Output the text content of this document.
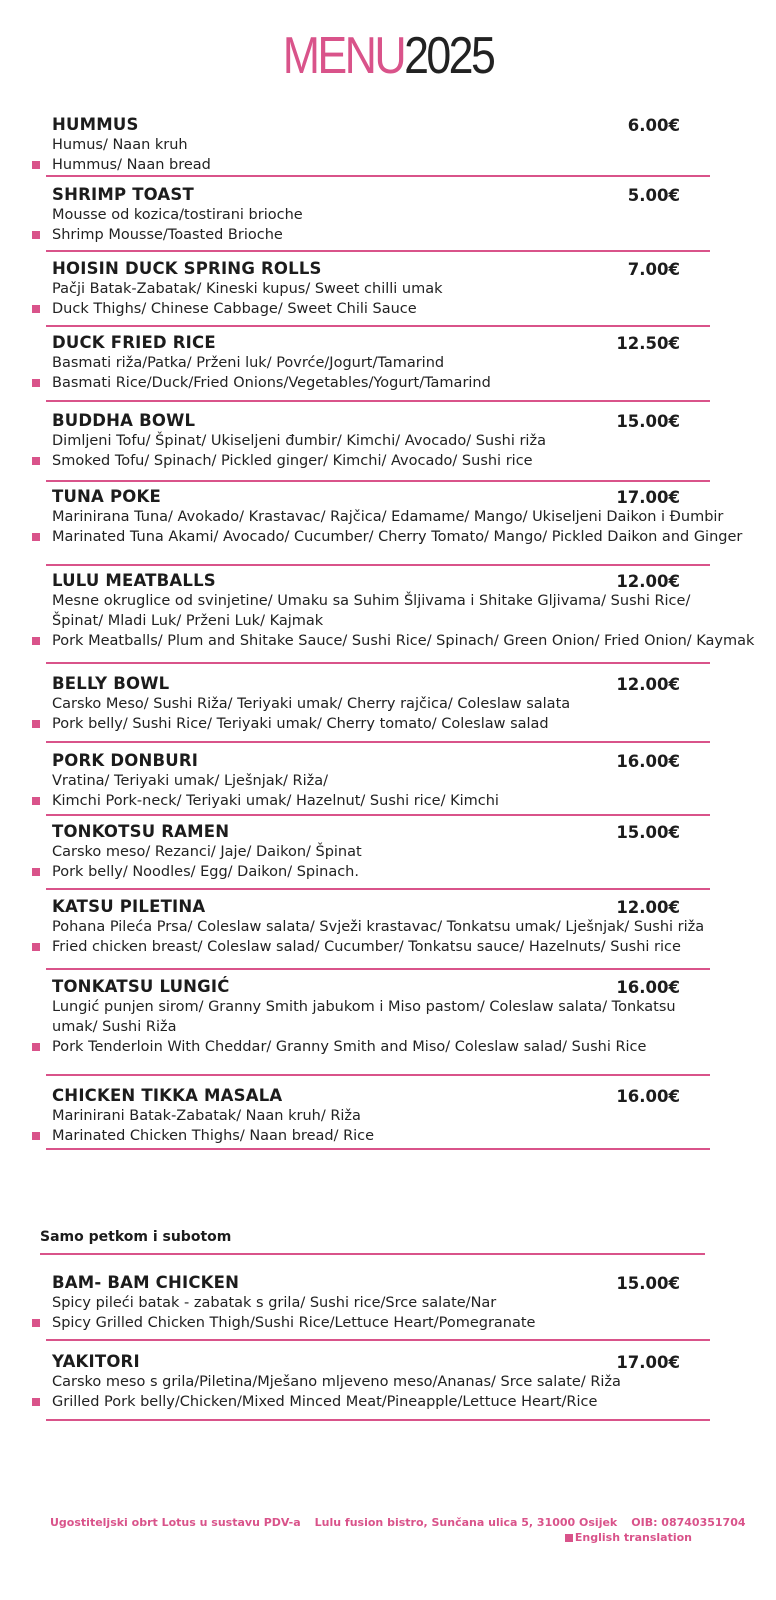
MENU2025
HUMMUS
Humus/ Naan kruh
Hummus/ Naan bread
6.00€
SHRIMP TOAST
Mousse od kozica/tostirani brioche
Shrimp Mousse/Toasted Brioche
5.00€
HOISIN DUCK SPRING ROLLS
Pačji Batak-Zabatak/ Kineski kupus/ Sweet chilli umak
Duck Thighs/ Chinese Cabbage/ Sweet Chili Sauce
7.00€
DUCK FRIED RICE
Basmati riža/Patka/ Prženi luk/ Povrće/Jogurt/Tamarind
Basmati Rice/Duck/Fried Onions/Vegetables/Yogurt/Tamarind
12.50€
BUDDHA BOWL
Dimljeni Tofu/ Špinat/ Ukiseljeni đumbir/ Kimchi/ Avocado/ Sushi riža
Smoked Tofu/ Spinach/ Pickled ginger/ Kimchi/ Avocado/ Sushi rice
15.00€
TUNA POKE
Marinirana Tuna/ Avokado/ Krastavac/ Rajčica/ Edamame/ Mango/ Ukiseljeni Daikon i Đumbir
Marinated Tuna Akami/ Avocado/ Cucumber/ Cherry Tomato/ Mango/ Pickled Daikon and Ginger
17.00€
LULU MEATBALLS
Mesne okruglice od svinjetine/ Umaku sa Suhim Šljivama i Shitake Gljivama/ Sushi Rice/
Špinat/ Mladi Luk/ Prženi Luk/ Kajmak
Pork Meatballs/ Plum and Shitake Sauce/ Sushi Rice/ Spinach/ Green Onion/ Fried Onion/ Kaymak
12.00€
BELLY BOWL
Carsko Meso/ Sushi Riža/ Teriyaki umak/ Cherry rajčica/ Coleslaw salata
Pork belly/ Sushi Rice/ Teriyaki umak/ Cherry tomato/ Coleslaw salad
12.00€
PORK DONBURI
Vratina/ Teriyaki umak/ Lješnjak/ Riža/
Kimchi Pork-neck/ Teriyaki umak/ Hazelnut/ Sushi rice/ Kimchi
16.00€
TONKOTSU RAMEN
Carsko meso/ Rezanci/ Jaje/ Daikon/ Špinat
Pork belly/ Noodles/ Egg/ Daikon/ Spinach.
15.00€
KATSU PILETINA
Pohana Pileća Prsa/ Coleslaw salata/ Svježi krastavac/ Tonkatsu umak/ Lješnjak/ Sushi riža
Fried chicken breast/ Coleslaw salad/ Cucumber/ Tonkatsu sauce/ Hazelnuts/ Sushi rice
12.00€
TONKATSU LUNGIĆ
Lungić punjen sirom/ Granny Smith jabukom i Miso pastom/ Coleslaw salata/ Tonkatsu
umak/ Sushi Riža
Pork Tenderloin With Cheddar/ Granny Smith and Miso/ Coleslaw salad/ Sushi Rice
16.00€
CHICKEN TIKKA MASALA
Marinirani Batak-Zabatak/ Naan kruh/ Riža
Marinated Chicken Thighs/ Naan bread/ Rice
16.00€
BAM- BAM CHICKEN
Spicy pileći batak - zabatak s grila/ Sushi rice/Srce salate/Nar
Spicy Grilled Chicken Thigh/Sushi Rice/Lettuce Heart/Pomegranate
15.00€
YAKITORI
Carsko meso s grila/Piletina/Mješano mljeveno meso/Ananas/ Srce salate/ Riža
Grilled Pork belly/Chicken/Mixed Minced Meat/Pineapple/Lettuce Heart/Rice
17.00€
Samo petkom i subotom
Ugostiteljski obrt Lotus u sustavu PDV-a Lulu fusion bistro, Sunčana ulica 5, 31000 Osijek OIB: 08740351704
English translation
